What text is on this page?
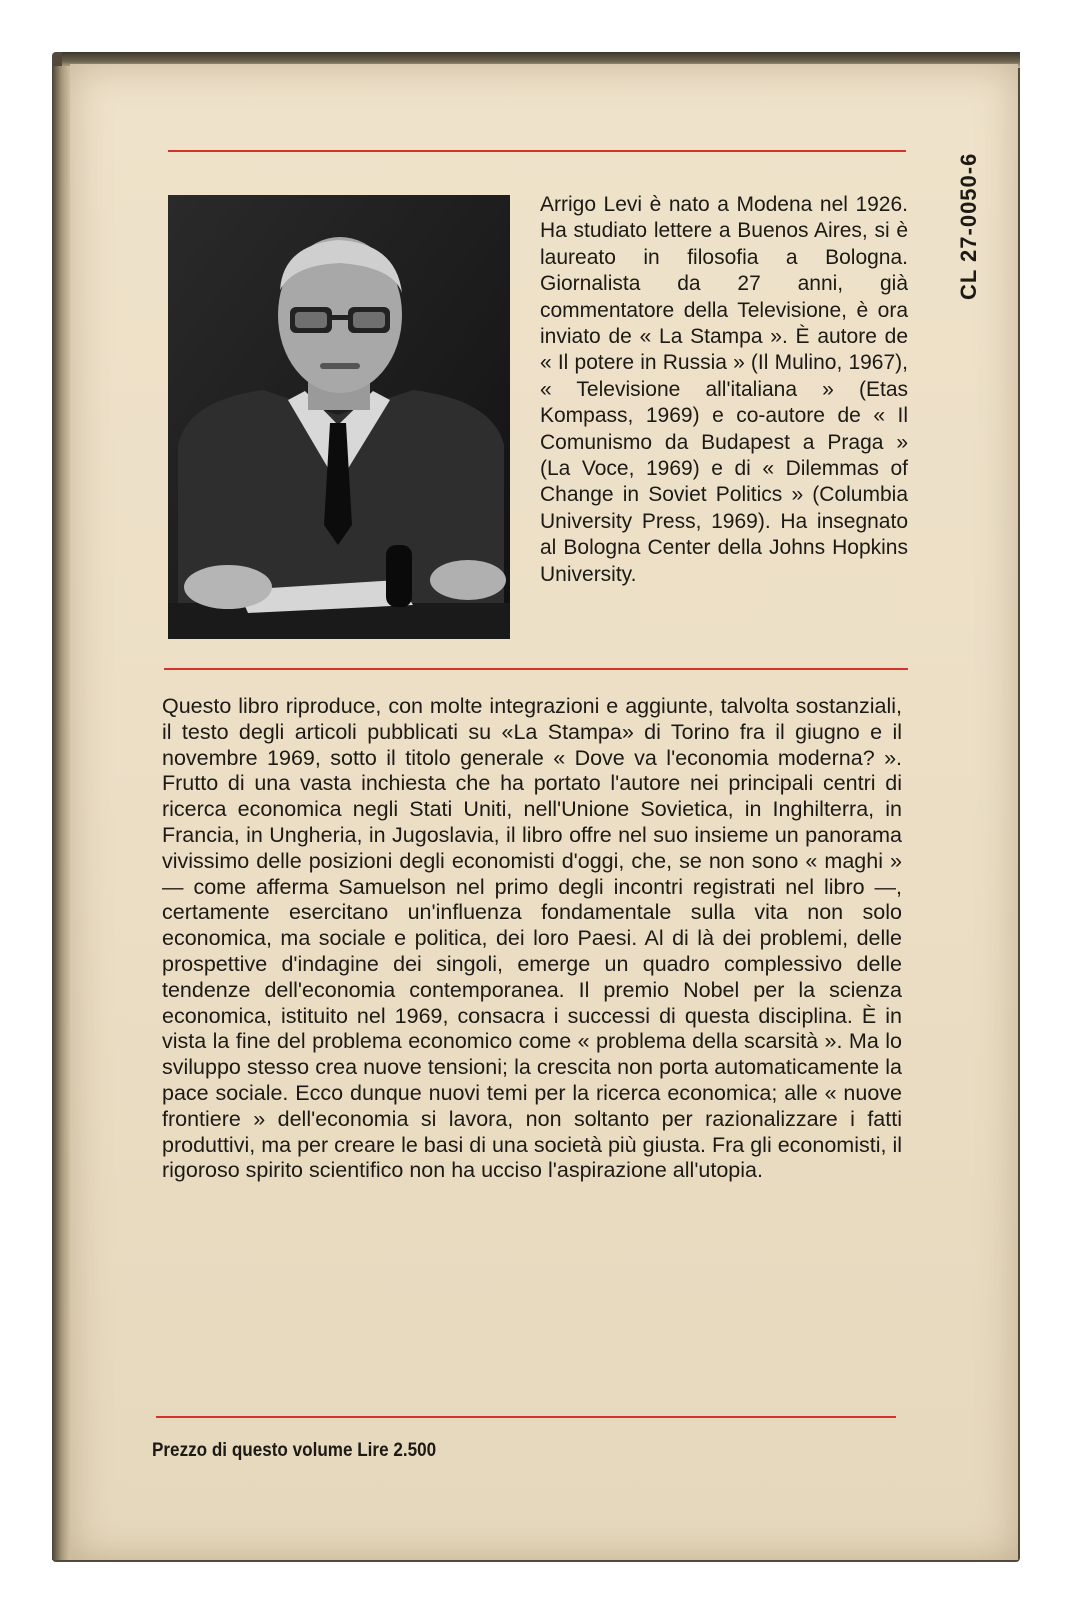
CL 27-0050-6

Arrigo Levi è nato a Modena nel 1926. Ha studiato lettere a Buenos Aires, si è laureato in filosofia a Bologna. Giornalista da 27 anni, già commentatore della Televisione, è ora inviato de « La Stampa ». È autore de « Il potere in Russia » (Il Mulino, 1967), « Televisione all'italiana » (Etas Kompass, 1969) e co-autore de « Il Comunismo da Budapest a Praga » (La Voce, 1969) e di « Dilemmas of Change in Soviet Politics » (Columbia University Press, 1969). Ha insegnato al Bologna Center della Johns Hopkins University.

Questo libro riproduce, con molte integrazioni e aggiunte, talvolta sostanziali, il testo degli articoli pubblicati su «La Stampa» di Torino fra il giugno e il novembre 1969, sotto il titolo generale « Dove va l'economia moderna? ». Frutto di una vasta inchiesta che ha portato l'autore nei principali centri di ricerca economica negli Stati Uniti, nell'Unione Sovietica, in Inghilterra, in Francia, in Ungheria, in Jugoslavia, il libro offre nel suo insieme un panorama vivissimo delle posizioni degli economisti d'oggi, che, se non sono « maghi » — come afferma Samuelson nel primo degli incontri registrati nel libro —, certamente esercitano un'influenza fondamentale sulla vita non solo economica, ma sociale e politica, dei loro Paesi. Al di là dei problemi, delle prospettive d'indagine dei singoli, emerge un quadro complessivo delle tendenze dell'economia contemporanea. Il premio Nobel per la scienza economica, istituito nel 1969, consacra i successi di questa disciplina. È in vista la fine del problema economico come « problema della scarsità ». Ma lo sviluppo stesso crea nuove tensioni; la crescita non porta automaticamente la pace sociale. Ecco dunque nuovi temi per la ricerca economica; alle « nuove frontiere » dell'economia si lavora, non soltanto per razionalizzare i fatti produttivi, ma per creare le basi di una società più giusta. Fra gli economisti, il rigoroso spirito scientifico non ha ucciso l'aspirazione all'utopia.

Prezzo di questo volume Lire 2.500
